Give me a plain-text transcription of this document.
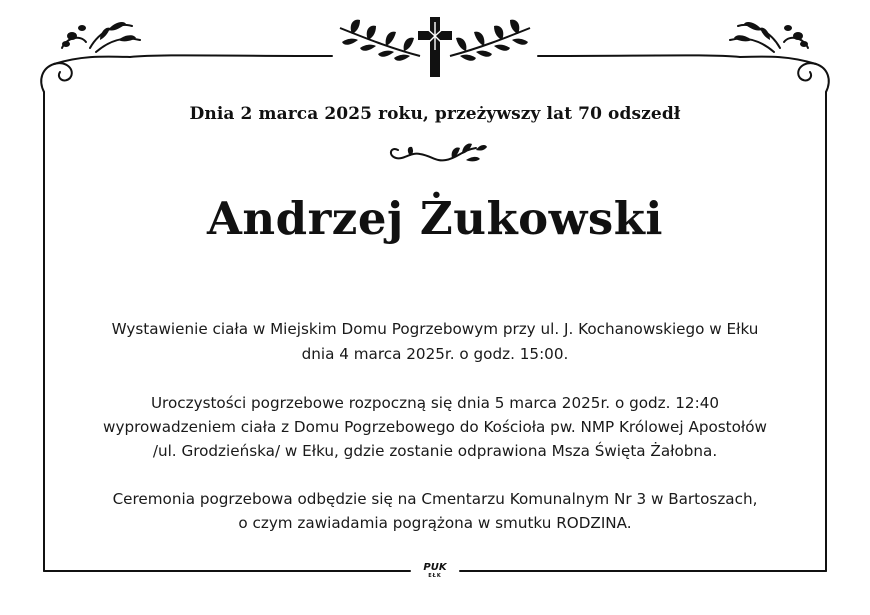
Dnia 2 marca 2025 roku, przeżywszy lat 70 odszedł
Andrzej Żukowski
Wystawienie ciała w Miejskim Domu Pogrzebowym przy ul. J. Kochanowskiego w Ełku
dnia 4 marca 2025r. o godz. 15:00.
Uroczystości pogrzebowe rozpoczną się dnia 5 marca 2025r. o godz. 12:40
wyprowadzeniem ciała z Domu Pogrzebowego do Kościoła pw. NMP Królowej Apostołów
/ul. Grodzieńska/ w Ełku, gdzie zostanie odprawiona Msza Święta Żałobna.
Ceremonia pogrzebowa odbędzie się na Cmentarzu Komunalnym Nr 3 w Bartoszach,
o czym zawiadamia pogrążona w smutku RODZINA.
PUK
EŁK
